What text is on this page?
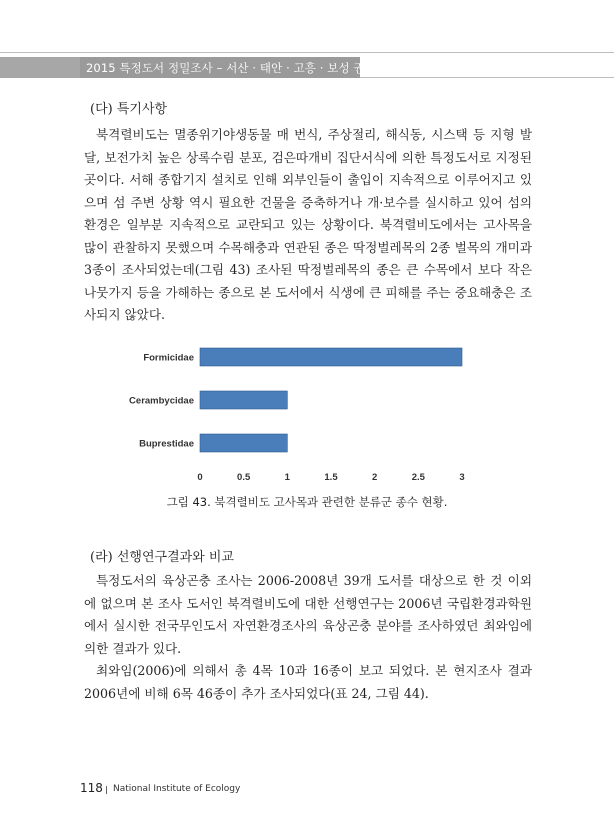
2015 특정도서 정밀조사 – 서산 · 태안 · 고흥 · 보성 권역
(다) 특기사항

북격렬비도는 멸종위기야생동물 매 번식, 주상절리, 해식동, 시스택 등 지형 발달, 보전가치 높은 상록수림 분포, 검은따개비 집단서식에 의한 특정도서로 지정된 곳이다. 서해 종합기지 설치로 인해 외부인들이 출입이 지속적으로 이루어지고 있으며 섬 주변 상황 역시 필요한 건물을 증축하거나 개·보수를 실시하고 있어 섬의 환경은 일부분 지속적으로 교란되고 있는 상황이다. 북격렬비도에서는 고사목을 많이 관찰하지 못했으며 수목해충과 연관된 종은 딱정벌레목의 2종 벌목의 개미과 3종이 조사되었는데(그림 43) 조사된 딱정벌레목의 종은 큰 수목에서 보다 작은 나뭇가지 등을 가해하는 종으로 본 도서에서 식생에 큰 피해를 주는 중요해충은 조사되지 않았다.

Formicidae
Cerambycidae
Buprestidae
0	0.5	1	1.5	2	2.5	3
그림 43. 북격렬비도 고사목과 관련한 분류군 종수 현황.
(라) 선행연구결과와 비교

특정도서의 육상곤충 조사는 2006-2008년 39개 도서를 대상으로 한 것 이외에 없으며 본 조사 도서인 북격렬비도에 대한 선행연구는 2006년 국립환경과학원에서 실시한 전국무인도서 자연환경조사의 육상곤충 분야를 조사하였던 최와임에 의한 결과가 있다.

최와임(2006)에 의해서 총 4목 10과 16종이 보고 되었다. 본 현지조사 결과 2006년에 비해 6목 46종이 추가 조사되었다(표 24, 그림 44).

118 National Institute of Ecology
